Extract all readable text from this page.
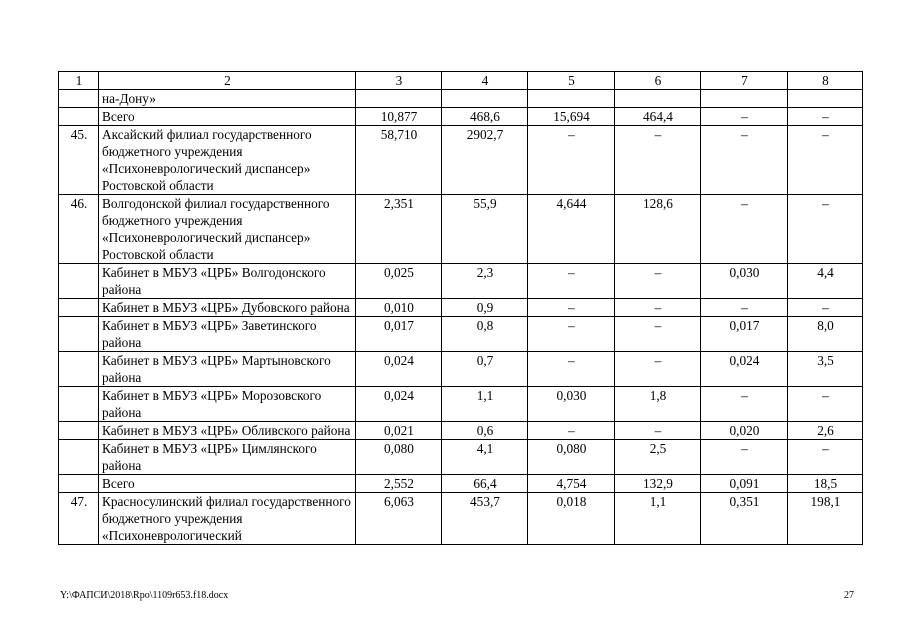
1	2	3	4	5	6	7	8
	на-Дону»						
	Всего	10,877	468,6	15,694	464,4	–	–
45.	Аксайский филиал государственного бюджетного учреждения «Психоневрологический диспансер» Ростовской области	58,710	2902,7	–	–	–	–
46.	Волгодонской филиал государственного бюджетного учреждения «Психоневрологический диспансер» Ростовской области	2,351	55,9	4,644	128,6	–	–
	Кабинет в МБУЗ «ЦРБ» Волгодонского района	0,025	2,3	–	–	0,030	4,4
	Кабинет в МБУЗ «ЦРБ» Дубовского района	0,010	0,9	–	–	–	–
	Кабинет в МБУЗ «ЦРБ» Заветинского района	0,017	0,8	–	–	0,017	8,0
	Кабинет в МБУЗ «ЦРБ» Мартыновского района	0,024	0,7	–	–	0,024	3,5
	Кабинет в МБУЗ «ЦРБ» Морозовского района	0,024	1,1	0,030	1,8	–	–
	Кабинет в МБУЗ «ЦРБ» Обливского района	0,021	0,6	–	–	0,020	2,6
	Кабинет в МБУЗ «ЦРБ» Цимлянского района	0,080	4,1	0,080	2,5	–	–
	Всего	2,552	66,4	4,754	132,9	0,091	18,5
47.	Красносулинский филиал государственного бюджетного учреждения «Психоневрологический	6,063	453,7	0,018	1,1	0,351	198,1
Y:\ФАПСИ\2018\Rpo\1109r653.f18.docx	27
